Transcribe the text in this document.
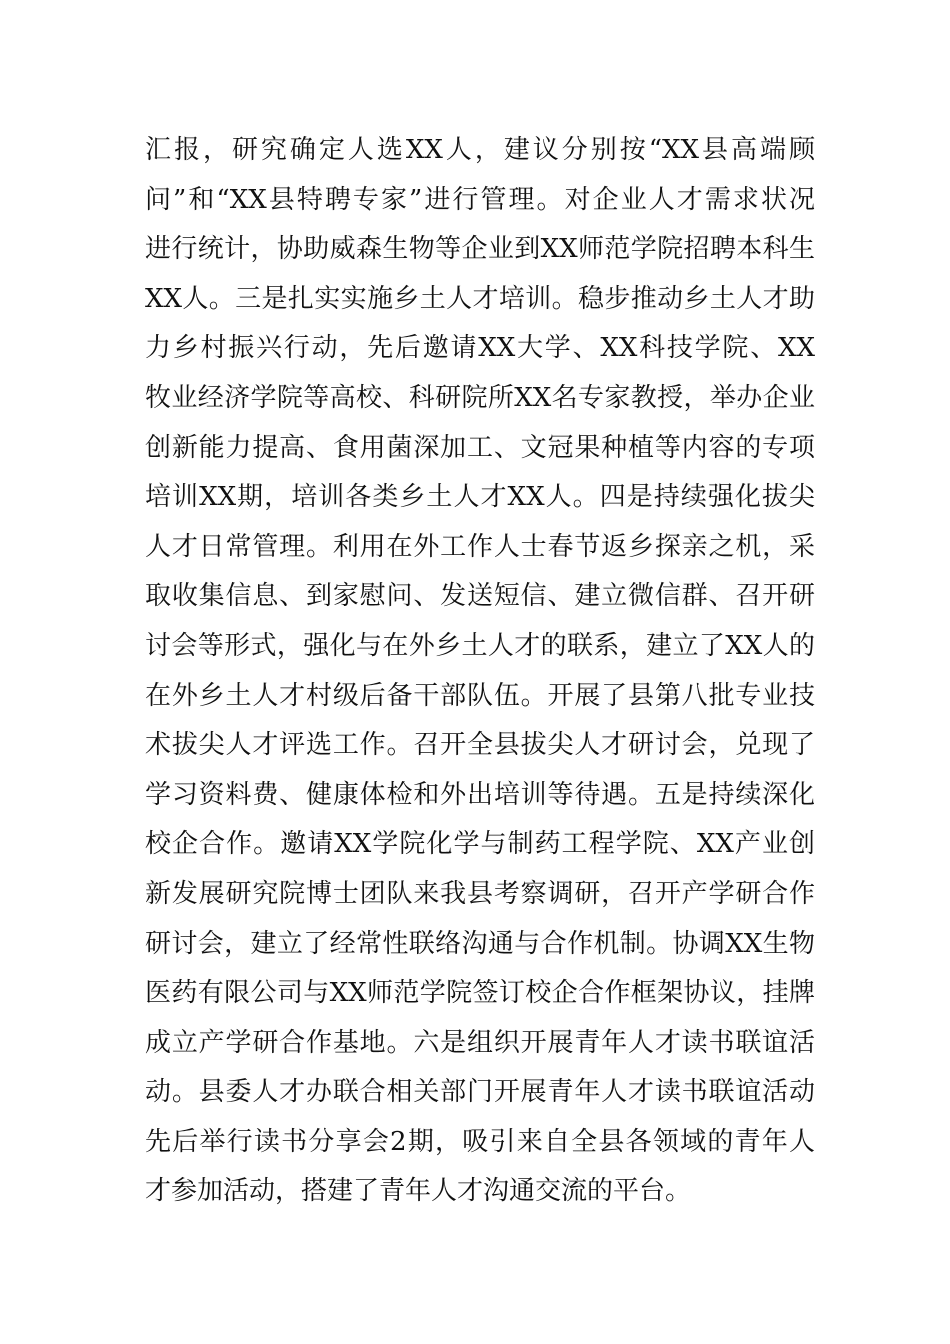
汇报，研究确定人选XX人，建议分别按“XX县高端顾
问”和“XX县特聘专家”进行管理。对企业人才需求状况
进行统计，协助威森生物等企业到XX师范学院招聘本科生
XX人。三是扎实实施乡土人才培训。稳步推动乡土人才助
力乡村振兴行动，先后邀请XX大学、XX科技学院、XX
牧业经济学院等高校、科研院所XX名专家教授，举办企业
创新能力提高、食用菌深加工、文冠果种植等内容的专项
培训XX期，培训各类乡土人才XX人。四是持续强化拔尖
人才日常管理。利用在外工作人士春节返乡探亲之机，采
取收集信息、到家慰问、发送短信、建立微信群、召开研
讨会等形式，强化与在外乡土人才的联系，建立了XX人的
在外乡土人才村级后备干部队伍。开展了县第八批专业技
术拔尖人才评选工作。召开全县拔尖人才研讨会，兑现了
学习资料费、健康体检和外出培训等待遇。五是持续深化
校企合作。邀请XX学院化学与制药工程学院、XX产业创
新发展研究院博士团队来我县考察调研，召开产学研合作
研讨会，建立了经常性联络沟通与合作机制。协调XX生物
医药有限公司与XX师范学院签订校企合作框架协议，挂牌
成立产学研合作基地。六是组织开展青年人才读书联谊活
动。县委人才办联合相关部门开展青年人才读书联谊活动
先后举行读书分享会2期，吸引来自全县各领域的青年人
才参加活动，搭建了青年人才沟通交流的平台。
